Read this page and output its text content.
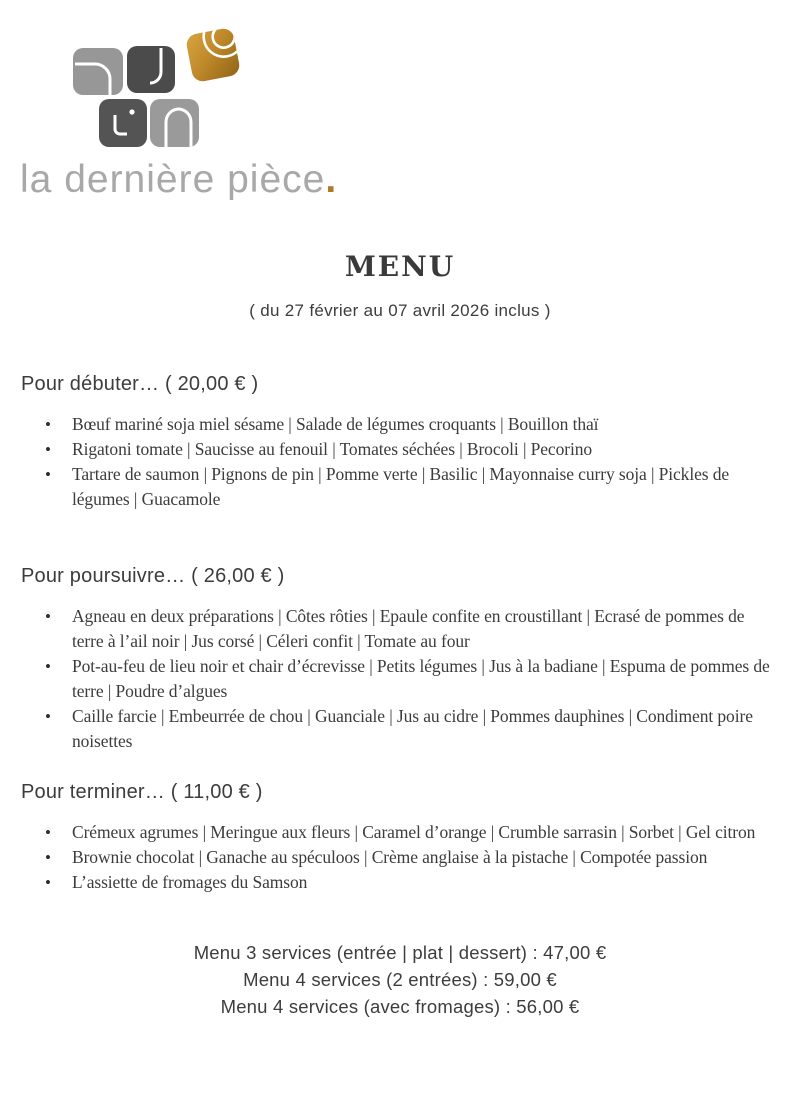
la dernière pièce.
MENU

( du 27 février au 07 avril 2026 inclus )

Pour débuter… ( 20,00 € )
• Bœuf mariné soja miel sésame | Salade de légumes croquants | Bouillon thaï
• Rigatoni tomate | Saucisse au fenouil | Tomates séchées | Brocoli | Pecorino
• Tartare de saumon | Pignons de pin | Pomme verte | Basilic | Mayonnaise curry soja | Pickles de légumes | Guacamole
Pour poursuivre… ( 26,00 € )
• Agneau en deux préparations | Côtes rôties | Epaule confite en croustillant | Ecrasé de pommes de terre à l’ail noir | Jus corsé | Céleri confit | Tomate au four
• Pot-au-feu de lieu noir et chair d’écrevisse | Petits légumes | Jus à la badiane | Espuma de pommes de terre | Poudre d’algues
• Caille farcie | Embeurrée de chou | Guanciale | Jus au cidre | Pommes dauphines | Condiment poire noisettes
Pour terminer… ( 11,00 € )
• Crémeux agrumes | Meringue aux fleurs | Caramel d’orange | Crumble sarrasin | Sorbet | Gel citron
• Brownie chocolat | Ganache au spéculoos | Crème anglaise à la pistache | Compotée passion
• L’assiette de fromages du Samson
Menu 3 services (entrée | plat | dessert) : 47,00 €
Menu 4 services (2 entrées) : 59,00 €
Menu 4 services (avec fromages) : 56,00 €
